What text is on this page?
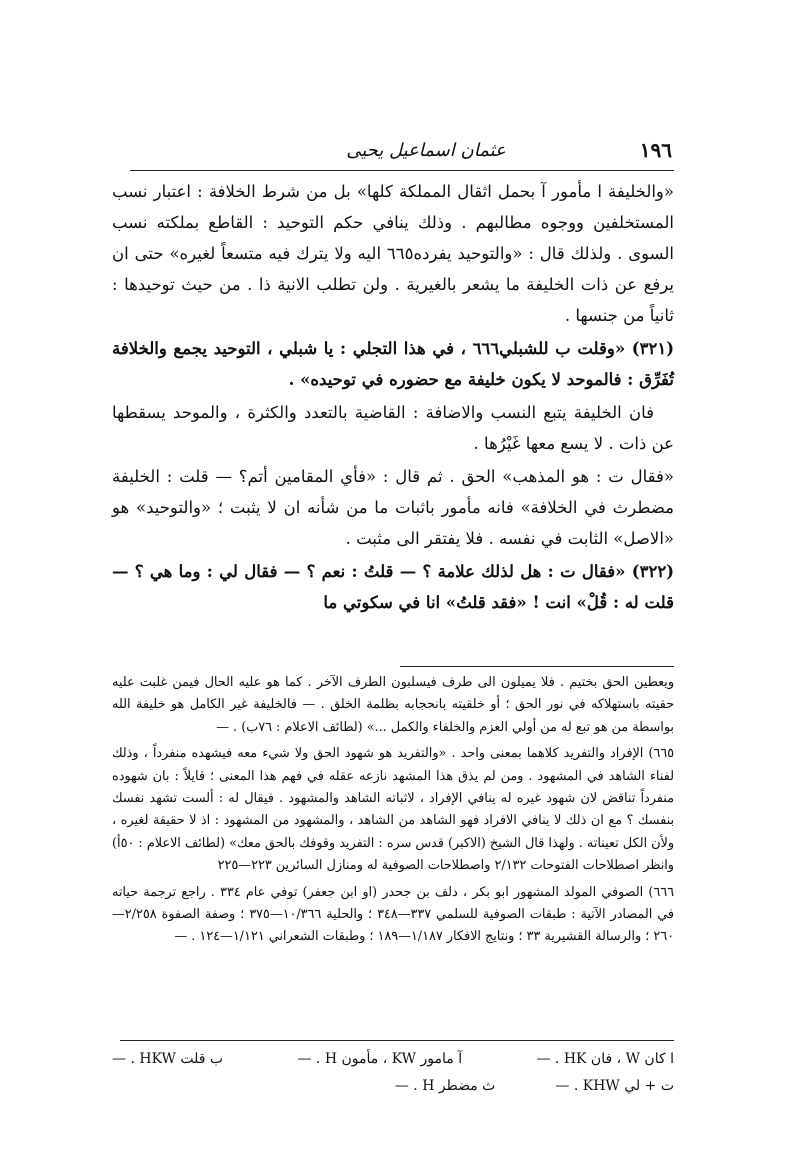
١٩٦
عثمان اسماعيل يحيى

«والخليفة ا مأمور آ بحمل اثقال المملكة كلها» بل من شرط الخلافة : اعتبار نسب المستخلفين ووجوه مطالبهم . وذلك ينافي حكم التوحيد : القاطع بملكته نسب السوى . ولذلك قال : «والتوحيد يفرده٦٦٥ اليه ولا يترك فيه متسعاً لغيره» حتى ان يرفع عن ذات الخليفة ما يشعر بالغيرية . ولن تطلب الانية ذا . من حيث توحيدها : ثانياً من جنسها .

(٣٢١) «وقلت ب للشبلي٦٦٦ ، في هذا التجلي : يا شبلي ، التوحيد يجمع والخلافة تُفَرِّق : فالموحد لا يكون خليفة مع حضوره في توحيده» .

فان الخليفة يتبع النسب والاضافة : القاضية بالتعدد والكثرة ، والموحد يسقطها عن ذات . لا يسع معها غَيْرُها .

«فقال ت : هو المذهب» الحق . ثم قال : «فأي المقامين أتم؟ — قلت : الخليفة مضطرث في الخلافة» فانه مأمور باثبات ما من شأنه ان لا يثبت ؛ «والتوحيد» هو «الاصل» الثابت في نفسه . فلا يفتقر الى مثبت .

(٣٢٢) «فقال ت : هل لذلك علامة ؟ — قلتُ : نعم ؟ — فقال لي : وما هي ؟ — قلت له : قُلْ» انت ! «فقد قلتُ» انا في سكوتي ما

ويعطين الحق بختيم . فلا يميلون الى طرف فيسلبون الطرف الآخر . كما هو عليه الحال فيمن غلبت عليه حقيته باستهلاكه في نور الحق ؛ أو خلقيته بانحجابه بظلمة الخلق . — فالخليفة غير الكامل هو خليفة الله بواسطة من هو تبع له من أولي العزم والخلفاء والكمل ...» (لطائف الاعلام : ٧٦ب) . —

٦٦٥) الإفراد والتفريد كلاهما بمعنى واحد . «والتفريد هو شهود الحق ولا شيء معه فيشهده منفرداً ، وذلك لفناء الشاهد في المشهود . ومن لم يذق هذا المشهد نازعه عقله في فهم هذا المعنى ؛ قايلاً : بان شهوده منفرداً تناقض لان شهود غيره له ينافي الإفراد ، لاثباته الشاهد والمشهود . فيقال له : ألست تشهد نفسك بنفسك ؟ مع ان ذلك لا ينافي الافراد فهو الشاهد من الشاهد ، والمشهود من المشهود : اذ لا حقيقة لغيره ، ولأن الكل تعيناته . ولهذا قال الشيخ (الاكبر) قدس سره : التفريد وقوفك بالحق معك» (لطائف الاعلام : ٥٠أ) وانظر اصطلاحات الفتوحات ٢/١٣٢ واصطلاحات الصوفية له ومنازل السائرين ٢٢٣—٢٢٥

٦٦٦) الصوفي المولد المشهور ابو بكر ، دلف بن جحدر (او ابن جعفر) توفي عام ٣٣٤ . راجع ترجمة حياته في المصادر الآتية : طبقات الصوفية للسلمي ٣٣٧—٣٤٨ ؛ والحلية ١٠/٣٦٦—٣٧٥ ؛ وصفة الصفوة ٢/٢٥٨—٢٦٠ ؛ والرسالة القشيرية ٣٣ ؛ ونتايج الافكار ١/١٨٧—١٨٩ ؛ وطبقات الشعراني ١/١٢١—١٢٤ . —

ا كان W ، فان HK . —
آ مامور KW ، مأمون H . —
ب قلت HKW . —
ت + لي KHW . —
ث مضطر H . —
